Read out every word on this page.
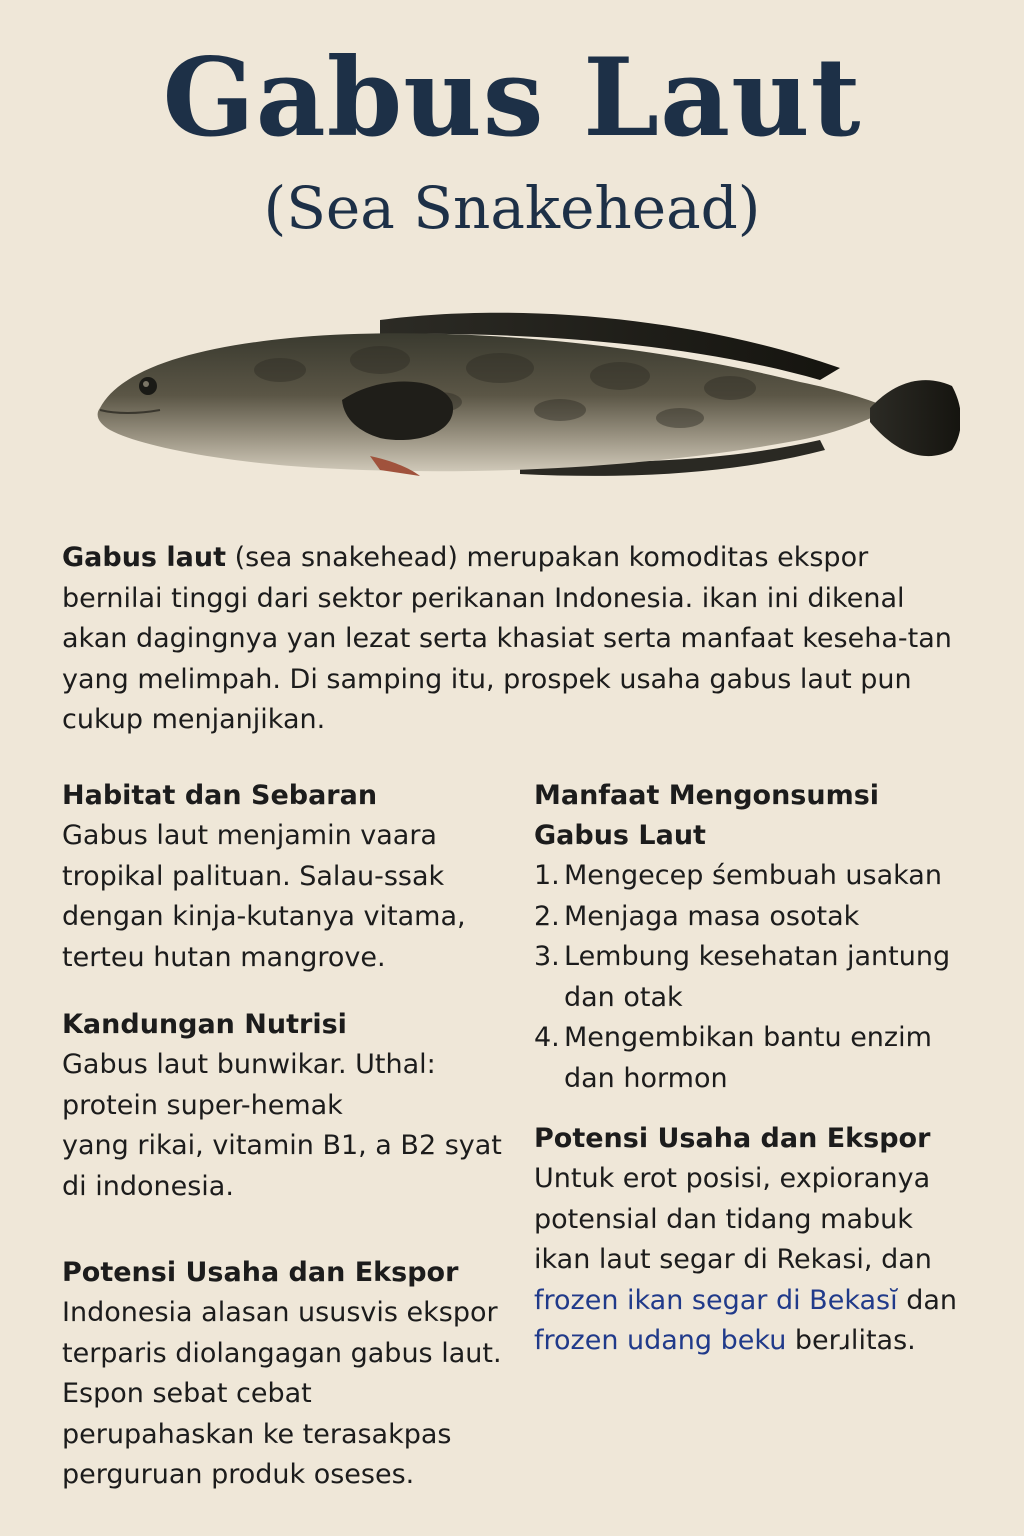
Gabus Laut
(Sea Snakehead)
Gabus laut (sea snakehead) merupakan komoditas ekspor bernilai tinggi dari sektor perikanan Indonesia. ikan ini dikenal akan dagingnya yan lezat serta khasiat serta manfaat keseha-tan yang melimpah. Di samping itu, prospek usaha gabus laut pun cukup menjanjikan.

Habitat dan Sebaran

Gabus laut menjamin vaara tropikal palituan. Salau-ssak dengan kinja-kutanya vitama, terteu hutan mangrove.

Kandungan Nutrisi

Gabus laut bunwikar. Uthal:

protein super-hemak

yang rikai, vitamin B1, a B2 syat di indonesia.

Potensi Usaha dan Ekspor

Indonesia alasan ususvis ekspor terparis diolangagan gabus laut. Espon sebat cebat perupahaskan ke terasakpas perguruan produk oseses.

Manfaat Mengonsumsi

Gabus Laut

1. Mengecep śembuah usakan
2. Menjaga masa osotak
3. Lembung kesehatan jantung dan otak
4. Mengembikan bantu enzim dan hormon

Potensi Usaha dan Ekspor

Untuk erot posisi, expioranya potensial dan tidang mabuk ikan laut segar di Rekasi, dan frozen ikan segar di Bekasĭ dan frozen udang beku berɹlitas.
